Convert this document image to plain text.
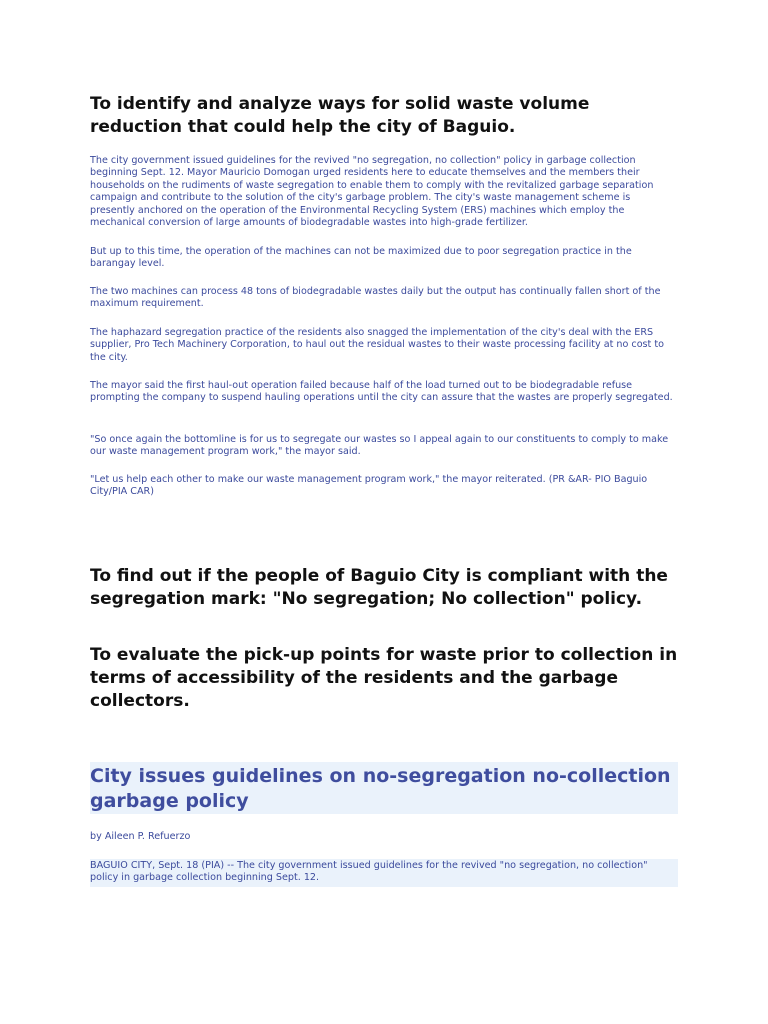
To identify and analyze ways for solid waste volume reduction that could help the city of Baguio.

The city government issued guidelines for the revived "no segregation, no collection" policy in garbage collection beginning Sept. 12. Mayor Mauricio Domogan urged residents here to educate themselves and the members their households on the rudiments of waste segregation to enable them to comply with the revitalized garbage separation campaign and contribute to the solution of the city's garbage problem. The city's waste management scheme is presently anchored on the operation of the Environmental Recycling System (ERS) machines which employ the mechanical conversion of large amounts of biodegradable wastes into high-grade fertilizer.

But up to this time, the operation of the machines can not be maximized due to poor segregation practice in the barangay level.

The two machines can process 48 tons of biodegradable wastes daily but the output has continually fallen short of the maximum requirement.

The haphazard segregation practice of the residents also snagged the implementation of the city's deal with the ERS supplier, Pro Tech Machinery Corporation, to haul out the residual wastes to their waste processing facility at no cost to the city.

The mayor said the first haul-out operation failed because half of the load turned out to be biodegradable refuse prompting the company to suspend hauling operations until the city can assure that the wastes are properly segregated.

"So once again the bottomline is for us to segregate our wastes so I appeal again to our constituents to comply to make our waste management program work," the mayor said.

"Let us help each other to make our waste management program work," the mayor reiterated. (PR &AR- PIO Baguio City/PIA CAR)

To find out if the people of Baguio City is compliant with the segregation mark: "No segregation; No collection" policy.
To evaluate the pick-up points for waste prior to collection in terms of accessibility of the residents and the garbage collectors.
City issues guidelines on no-segregation no-collection garbage policy

by Aileen P. Refuerzo

BAGUIO CITY, Sept. 18 (PIA) -- The city government issued guidelines for the revived "no segregation, no collection" policy in garbage collection beginning Sept. 12.
